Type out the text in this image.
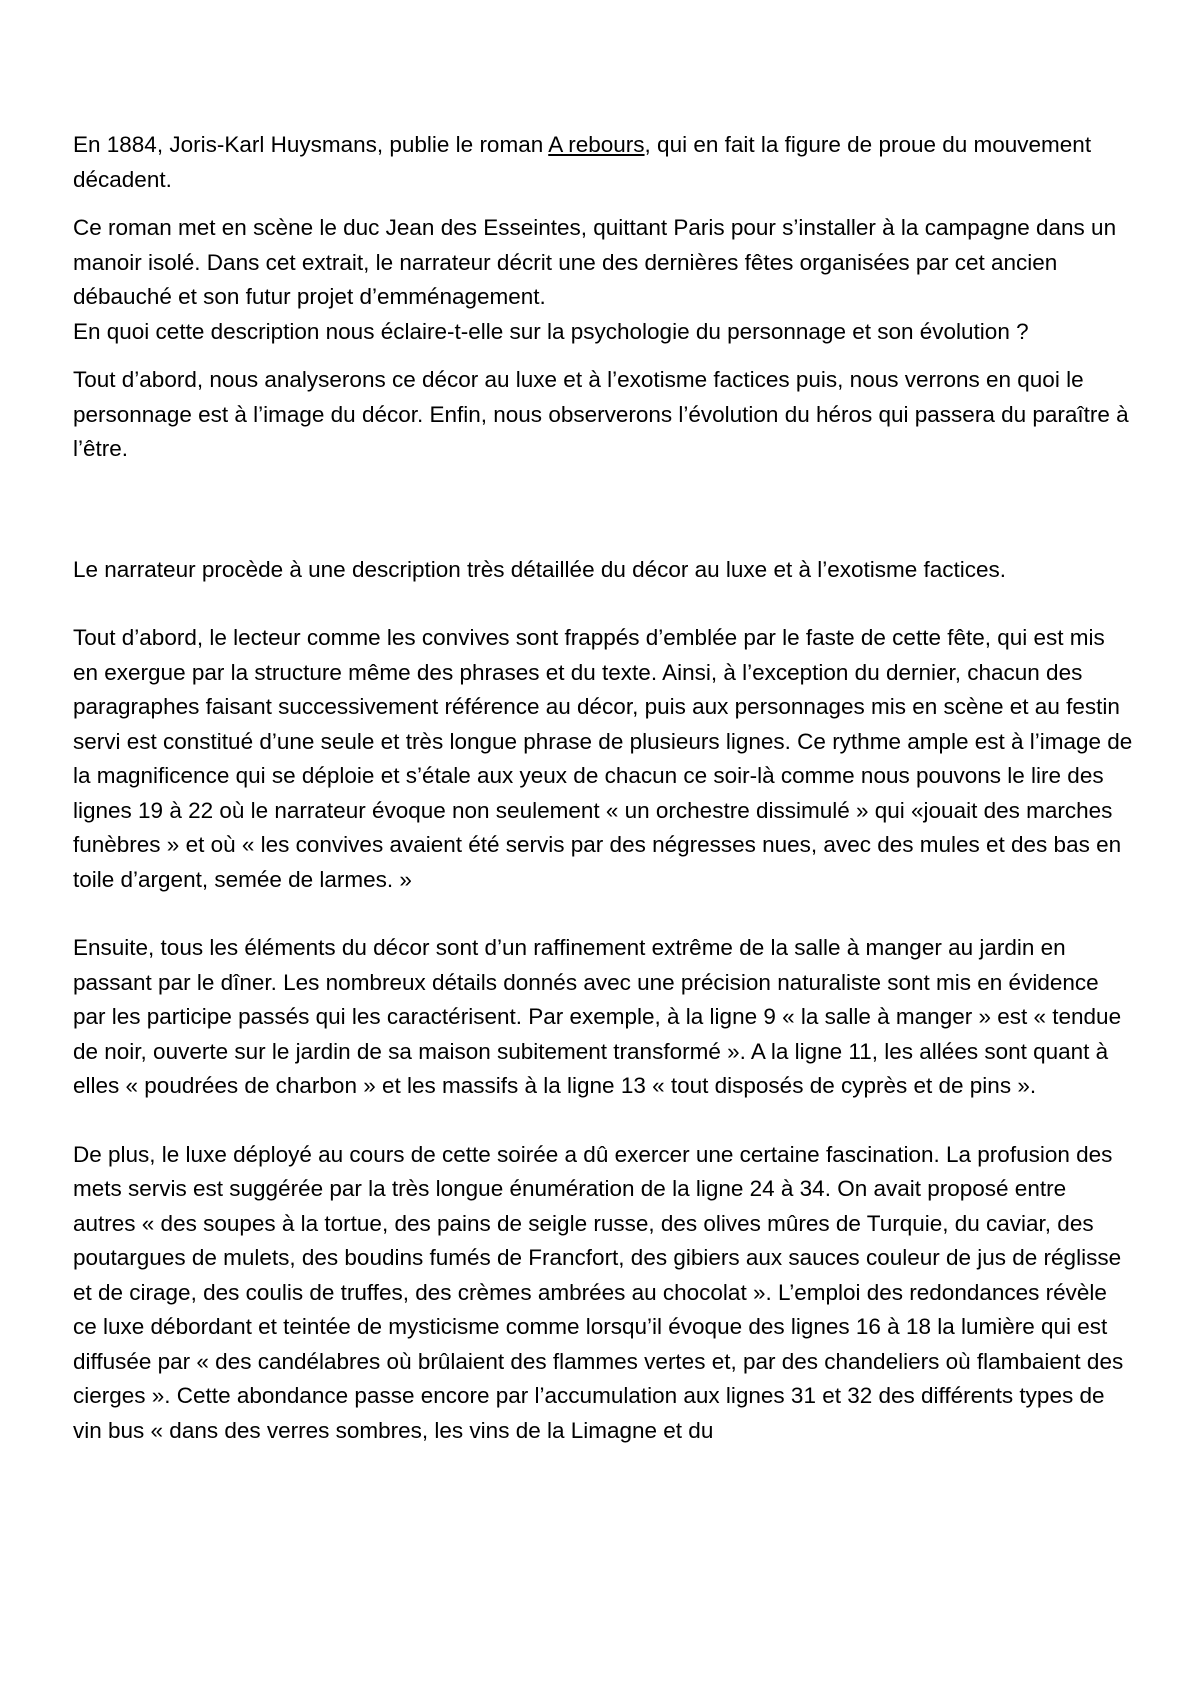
En 1884, Joris-Karl Huysmans, publie le roman A rebours, qui en fait la figure de proue du mouvement décadent.

Ce roman met en scène le duc Jean des Esseintes, quittant Paris pour s’installer à la campagne dans un manoir isolé. Dans cet extrait, le narrateur décrit une des dernières fêtes organisées par cet ancien débauché et son futur projet d’emménagement.

En quoi cette description nous éclaire-t-elle sur la psychologie du personnage et son évolution ?

Tout d’abord, nous analyserons ce décor au luxe et à l’exotisme factices puis, nous verrons en quoi le personnage est à l’image du décor. Enfin, nous observerons l’évolution du héros qui passera du paraître à l’être.

Le narrateur procède à une description très détaillée du décor au luxe et à l’exotisme factices.

Tout d’abord, le lecteur comme les convives sont frappés d’emblée par le faste de cette fête, qui est mis en exergue par la structure même des phrases et du texte. Ainsi, à l’exception du dernier, chacun des paragraphes faisant successivement référence au décor, puis aux personnages mis en scène et au festin servi est constitué d’une seule et très longue phrase de plusieurs lignes. Ce rythme ample est à l’image de la magnificence qui se déploie et s’étale aux yeux de chacun ce soir-là comme nous pouvons le lire des lignes 19 à 22 où le narrateur évoque non seulement « un orchestre dissimulé » qui «jouait des marches funèbres » et où « les convives avaient été servis par des négresses nues, avec des mules et des bas en toile d’argent, semée de larmes. »

Ensuite, tous les éléments du décor sont d’un raffinement extrême de la salle à manger au jardin en passant par le dîner. Les nombreux détails donnés avec une précision naturaliste sont mis en évidence par les participe passés qui les caractérisent. Par exemple, à la ligne 9 « la salle à manger » est « tendue de noir, ouverte sur le jardin de sa maison subitement transformé ». A la ligne 11, les allées sont quant à elles « poudrées de charbon » et les massifs à la ligne 13 « tout disposés de cyprès et de pins ».

De plus, le luxe déployé au cours de cette soirée a dû exercer une certaine fascination. La profusion des mets servis est suggérée par la très longue énumération de la ligne 24 à 34. On avait proposé entre autres « des soupes à la tortue, des pains de seigle russe, des olives mûres de Turquie, du caviar, des poutargues de mulets, des boudins fumés de Francfort, des gibiers aux sauces couleur de jus de réglisse et de cirage, des coulis de truffes, des crèmes ambrées au chocolat ». L’emploi des redondances révèle ce luxe débordant et teintée de mysticisme comme lorsqu’il évoque des lignes 16 à 18 la lumière qui est diffusée par « des candélabres où brûlaient des flammes vertes et, par des chandeliers où flambaient des cierges ». Cette abondance passe encore par l’accumulation aux lignes 31 et 32 des différents types de vin bus « dans des verres sombres, les vins de la Limagne et du
